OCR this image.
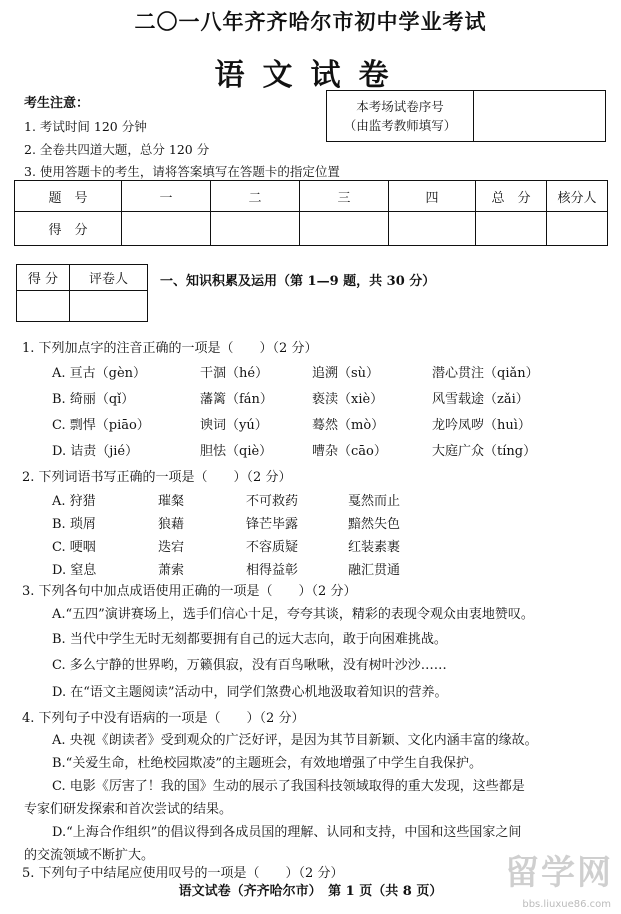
二〇一八年齐齐哈尔市初中学业考试
语文试卷
考生注意：
1. 考试时间 120 分钟
2. 全卷共四道大题，总分 120 分
3. 使用答题卡的考生，请将答案填写在答题卡的指定位置
本考场试卷序号
（由监考教师填写）

题　号	一	二	三	四	总　分	核分人
得　分						
得 分	评卷人
	一、知识积累及运用（第 1—9 题，共 30 分）
1. 下列加点字的注音正确的一项是（　　）（2 分）
A. 亘古（gèn）	干涸（hé）	追溯（sù）	潜心贯注（qiǎn）
B. 绮丽（qǐ）	藩篱（fán）	亵渎（xiè）	风雪载途（zǎi）
C. 剽悍（piāo）	谀词（yú）	蓦然（mò）	龙吟凤哕（huì）
D. 诘责（jié）	胆怯（qiè）	嘈杂（cāo）	大庭广众（tíng）
2. 下列词语书写正确的一项是（　　）（2 分）
A. 狩猎	璀粲	不可救药	戛然而止
B. 琐屑	狼藉	锋芒毕露	黯然失色
C. 哽咽	迭宕	不容质疑	红装素裹
D. 窒息	萧索	相得益彰	融汇贯通
3. 下列各句中加点成语使用正确的一项是（　　）（2 分）
A.“五四”演讲赛场上，选手们信心十足，夸夸其谈，精彩的表现令观众由衷地赞叹。
B. 当代中学生无时无刻都要拥有自己的远大志向，敢于向困难挑战。
C. 多么宁静的世界哟，万籁俱寂，没有百鸟啾啾，没有树叶沙沙……
D. 在“语文主题阅读”活动中，同学们煞费心机地汲取着知识的营养。
4. 下列句子中没有语病的一项是（　　）（2 分）
A. 央视《朗读者》受到观众的广泛好评，是因为其节目新颖、文化内涵丰富的缘故。
B.“关爱生命，杜绝校园欺凌”的主题班会，有效地增强了中学生自我保护。
C. 电影《厉害了！我的国》生动的展示了我国科技领域取得的重大发现，这些都是
专家们研发探索和首次尝试的结果。
D.“上海合作组织”的倡议得到各成员国的理解、认同和支持，中国和这些国家之间
的交流领域不断扩大。
5. 下列句子中结尾应使用叹号的一项是（　　）（2 分）
语文试卷（齐齐哈尔市）　第 1 页（共 8 页）	留学网
bbs.liuxue86.com
